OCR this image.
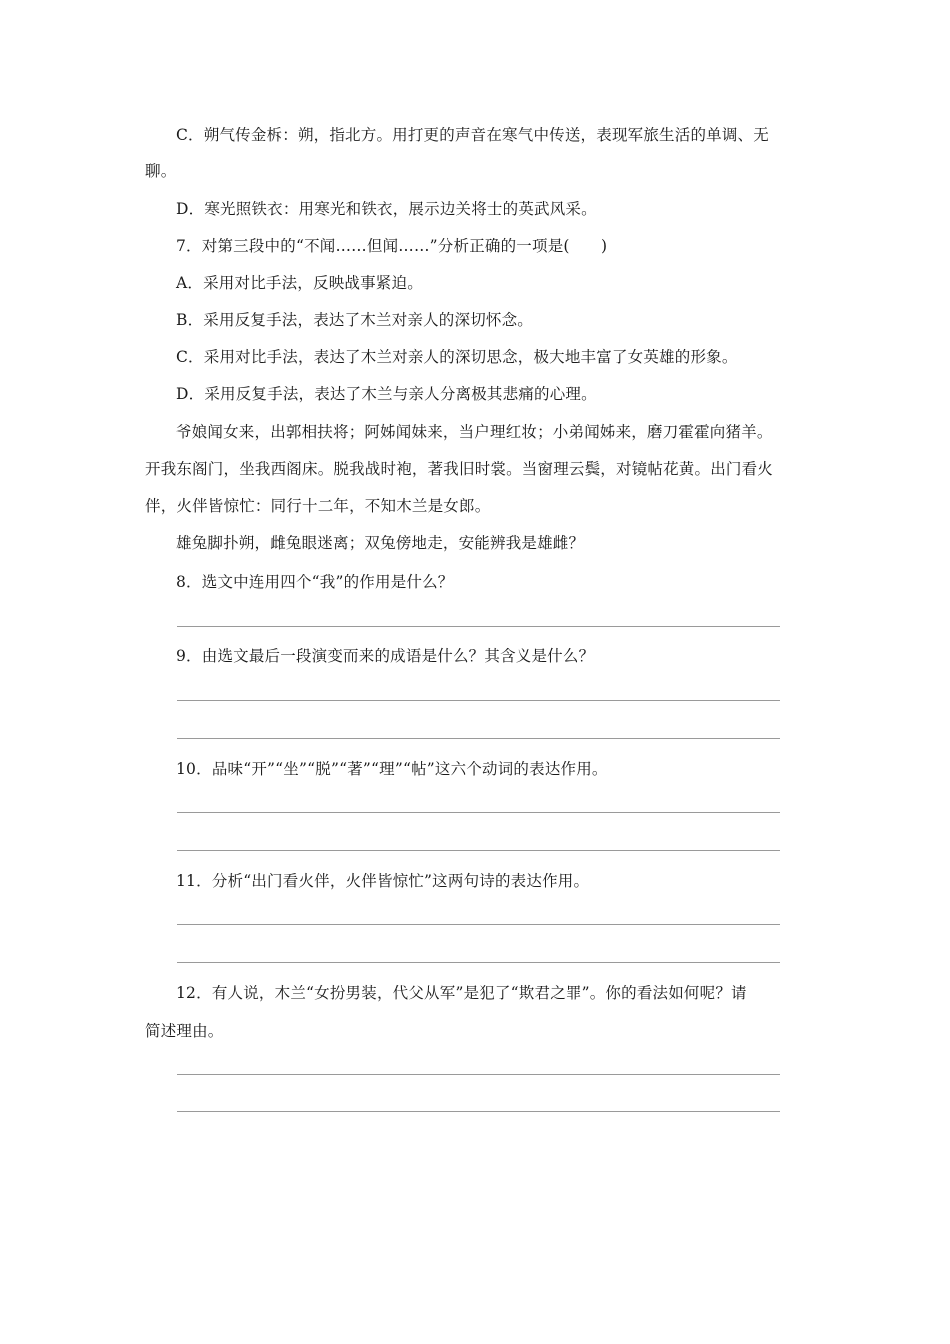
C．朔气传金柝：朔，指北方。用打更的声音在寒气中传送，表现军旅生活的单调、无
聊。
D．寒光照铁衣：用寒光和铁衣，展示边关将士的英武风采。
7．对第三段中的“不闻……但闻……”分析正确的一项是(　　)
A．采用对比手法，反映战事紧迫。
B．采用反复手法，表达了木兰对亲人的深切怀念。
C．采用对比手法，表达了木兰对亲人的深切思念，极大地丰富了女英雄的形象。
D．采用反复手法，表达了木兰与亲人分离极其悲痛的心理。
爷娘闻女来，出郭相扶将；阿姊闻妹来，当户理红妆；小弟闻姊来，磨刀霍霍向猪羊。
开我东阁门，坐我西阁床。脱我战时袍，著我旧时裳。当窗理云鬓，对镜帖花黄。出门看火
伴，火伴皆惊忙：同行十二年，不知木兰是女郎。
雄兔脚扑朔，雌兔眼迷离；双兔傍地走，安能辨我是雄雌？
8．选文中连用四个“我”的作用是什么？
9．由选文最后一段演变而来的成语是什么？其含义是什么？
10．品味“开”“坐”“脱”“著”“理”“帖”这六个动词的表达作用。
11．分析“出门看火伴，火伴皆惊忙”这两句诗的表达作用。
12．有人说，木兰“女扮男装，代父从军”是犯了“欺君之罪”。你的看法如何呢？请
简述理由。
